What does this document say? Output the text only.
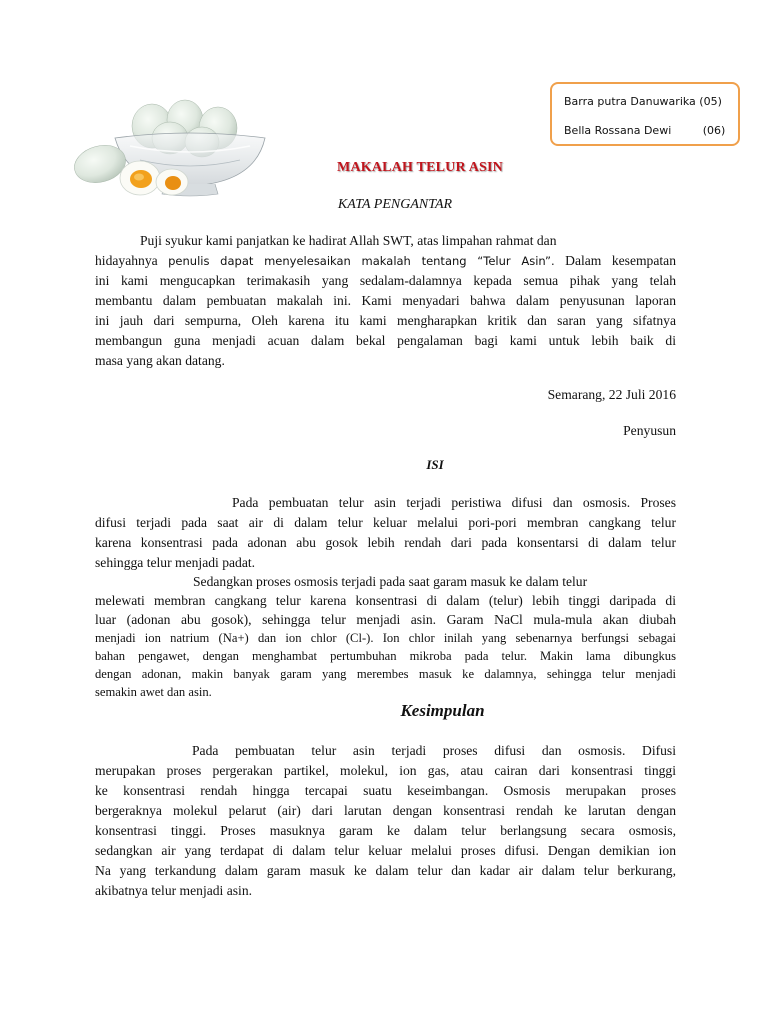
Barra putra Danuwarika (05)
Bella Rossana Dewi         (06)
MAKALAH TELUR ASIN
KATA PENGANTAR

Puji syukur kami panjatkan ke hadirat Allah SWT, atas limpahan rahmat dan

hidayahnya penulis dapat menyelesaikan makalah tentang “Telur Asin”. Dalam kesempatan

ini kami mengucapkan terimakasih yang sedalam-dalamnya kepada semua pihak yang telah

membantu dalam pembuatan makalah ini. Kami menyadari bahwa dalam penyusunan laporan

ini jauh dari sempurna, Oleh karena itu kami mengharapkan kritik dan saran yang sifatnya

membangun guna menjadi acuan dalam bekal pengalaman bagi kami untuk lebih baik di

masa yang akan datang.

Semarang, 22 Juli 2016

Penyusun

ISI

Pada pembuatan telur asin terjadi peristiwa difusi dan osmosis. Proses

difusi terjadi pada saat air di dalam telur keluar melalui pori-pori membran cangkang telur

karena konsentrasi pada adonan abu gosok lebih rendah dari pada konsentarsi di dalam telur

sehingga telur menjadi padat.

Sedangkan proses osmosis terjadi pada saat garam masuk ke dalam telur

melewati membran cangkang telur karena konsentrasi di dalam (telur) lebih tinggi daripada di

luar (adonan abu gosok), sehingga telur menjadi asin. Garam NaCl mula-mula akan diubah

menjadi ion natrium (Na+) dan ion chlor (Cl-). Ion chlor inilah yang sebenarnya berfungsi sebagai

bahan pengawet, dengan menghambat pertumbuhan mikroba pada telur. Makin lama dibungkus

dengan adonan, makin banyak garam yang merembes masuk ke dalamnya, sehingga telur menjadi

semakin awet dan asin.

Kesimpulan

Pada pembuatan telur asin terjadi proses difusi dan osmosis. Difusi

merupakan proses pergerakan partikel, molekul, ion gas, atau cairan dari konsentrasi tinggi

ke konsentrasi rendah hingga tercapai suatu keseimbangan. Osmosis merupakan proses

bergeraknya molekul pelarut (air) dari larutan dengan konsentrasi rendah ke larutan dengan

konsentrasi tinggi. Proses masuknya garam ke dalam telur berlangsung secara osmosis,

sedangkan air yang terdapat di dalam telur keluar melalui proses difusi. Dengan demikian ion

Na yang terkandung dalam garam masuk ke dalam telur dan kadar air dalam telur berkurang,

akibatnya telur menjadi asin.
